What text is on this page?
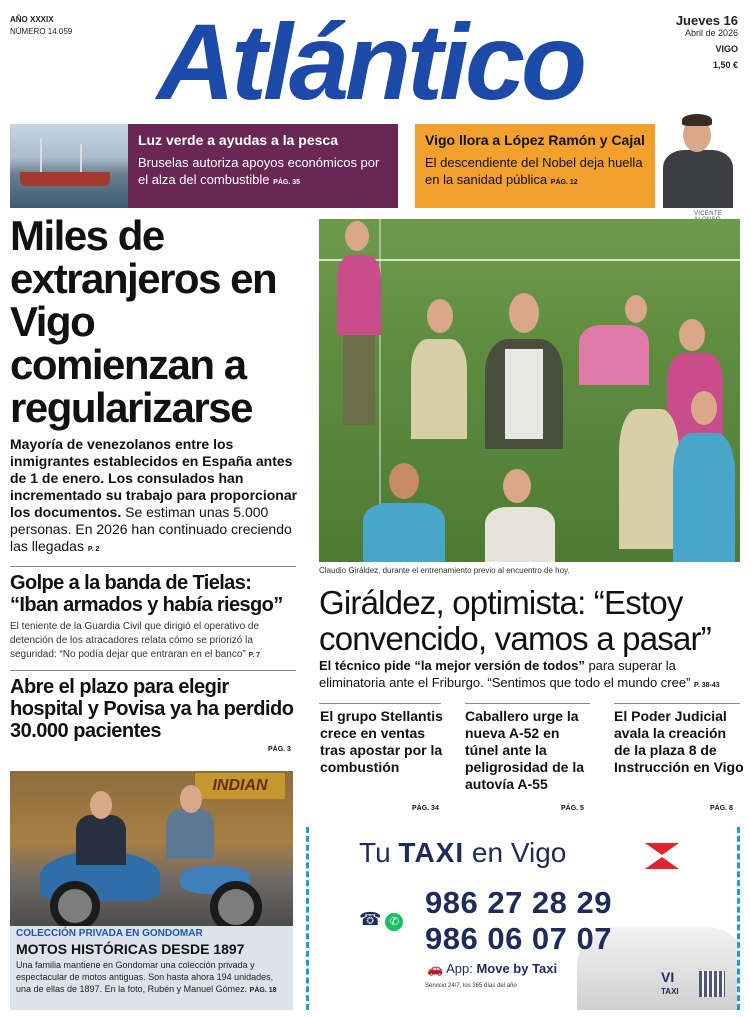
AÑO XXXIX
NÚMERO 14.059 Atlántico	Jueves 16
Abril de 2026
VIGO
1,50 €
Luz verde a ayudas a la pesca
Bruselas autoriza apoyos económicos por el alza del combustible PÁG. 35
Vigo llora a López Ramón y Cajal
El descendiente del Nobel deja huella en la sanidad pública PÁG. 12
VICENTE
Miles de extranjeros en Vigo comienzan a regularizarse
Mayoría de venezolanos entre los inmigrantes establecidos en España antes de 1 de enero. Los consulados han incrementado su trabajo para proporcionar los documentos. Se estiman unas 5.000 personas. En 2026 han continuado creciendo las llegadas P. 2
Golpe a la banda de Tielas: “Iban armados y había riesgo”
El teniente de la Guardia Civil que dirigió el operativo de detención de los atracadores relata cómo se priorizó la seguridad: “No podía dejar que entraran en el banco” P. 7
Abre el plazo para elegir hospital y Povisa ya ha perdido 30.000 pacientes
PÁG. 3
INDIAN
COLECCIÓN PRIVADA EN GONDOMAR
MOTOS HISTÓRICAS DESDE 1897
Una familia mantiene en Gondomar una colección privada y espectacular de motos antiguas. Son hasta ahora 194 unidades, una de ellas de 1897. En la foto, Rubén y Manuel Gómez. PÁG. 18
Claudio Giráldez, durante el entrenamiento previo al encuentro de hoy.
Giráldez, optimista: “Estoy convencido, vamos a pasar”
El técnico pide “la mejor versión de todos” para superar la eliminatoria ante el Friburgo. “Sentimos que todo el mundo cree” P. 38-43
El grupo Stellantis crece en ventas tras apostar por la combustión
PÁG. 34
Caballero urge la nueva A-52 en túnel ante la peligrosidad de la autovía A-55
PÁG. 5
El Poder Judicial avala la creación de la plaza 8 de Instrucción en Vigo
PÁG. 8
Tu TAXI en Vigo
☎ ✆
986 27 28 29
986 06 07 07
🚗 App: Move by Taxi
Servicio 24/7, los 365 días del año
VI
TAXI
